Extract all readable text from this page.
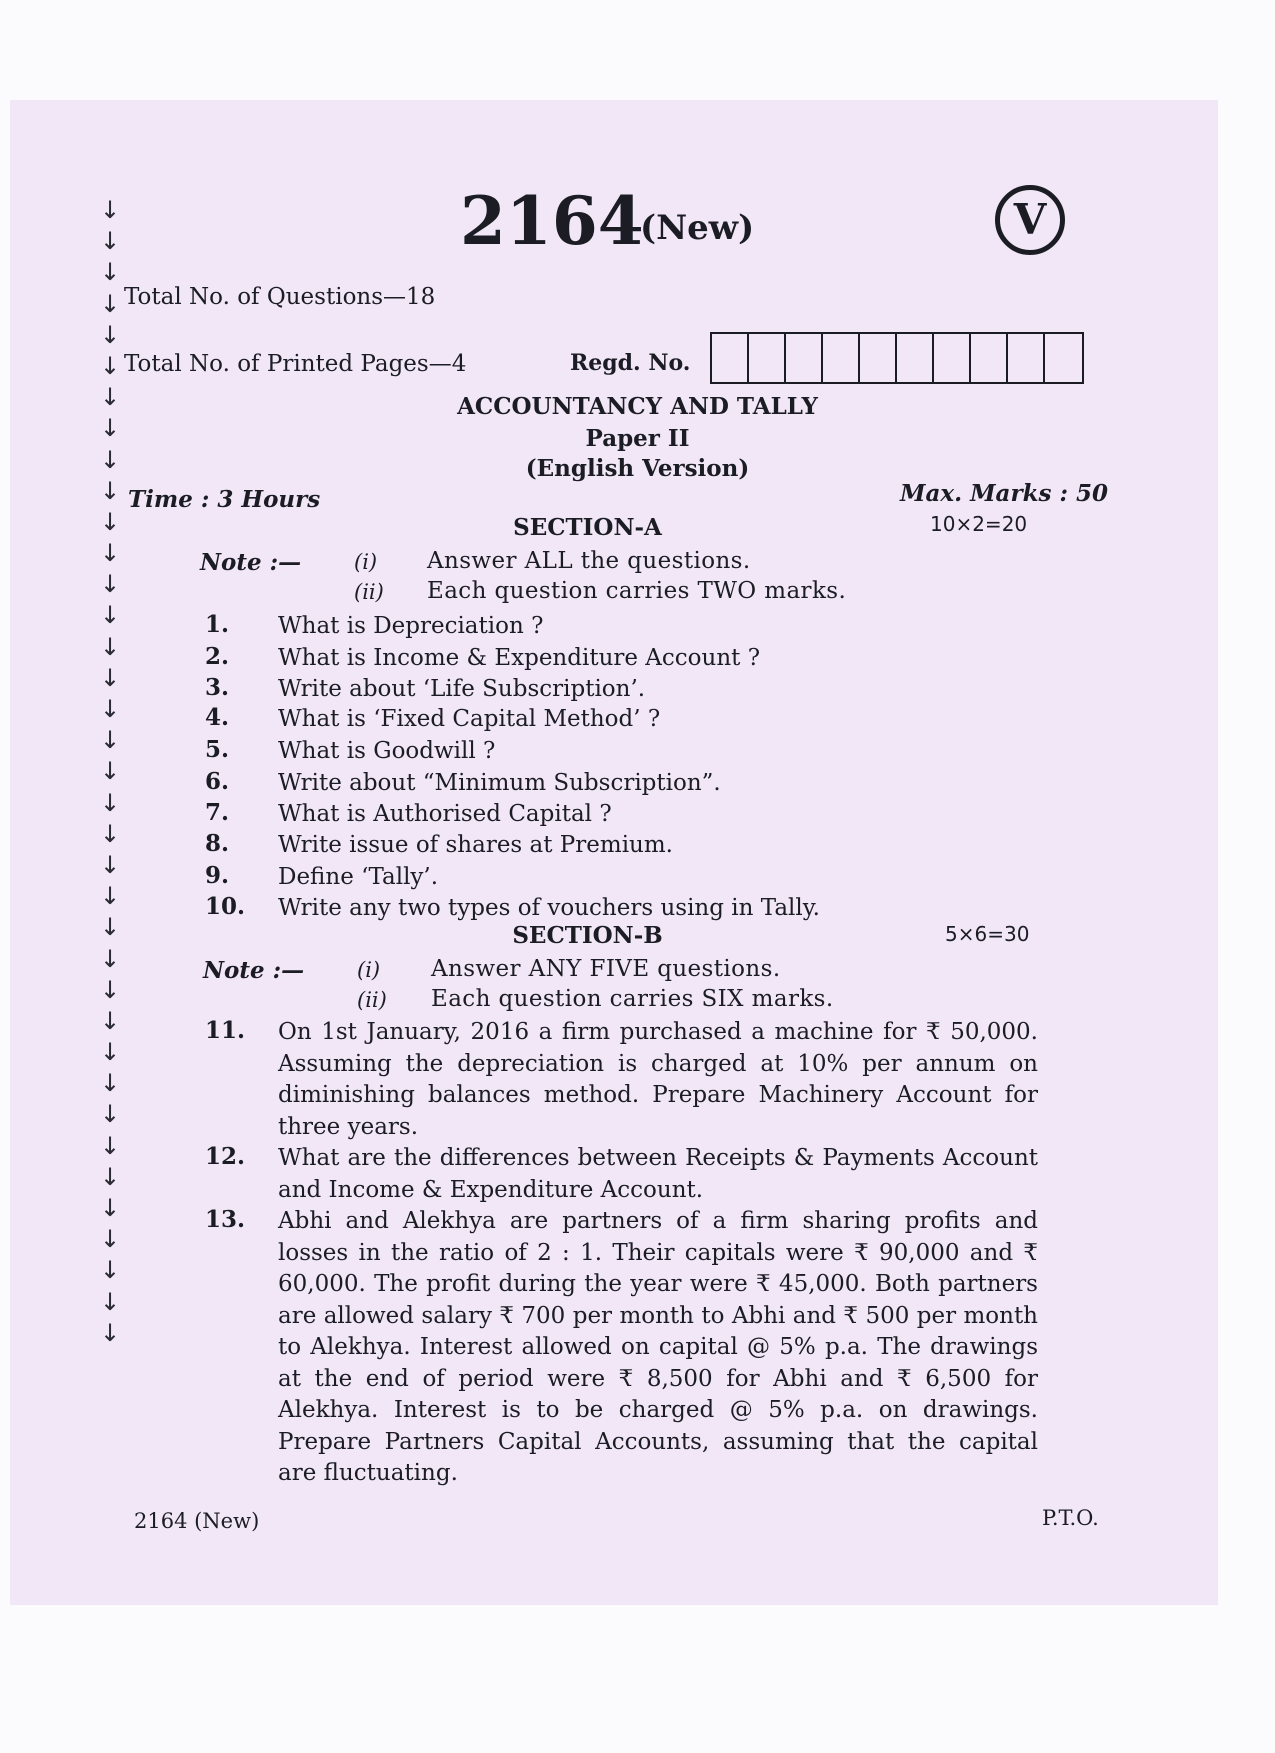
↓
↓
↓
↓
↓
↓
↓
↓
↓
↓
↓
↓
↓
↓
↓
↓
↓
↓
↓
↓
↓
↓
↓
↓
↓
↓
↓
↓
↓
↓
↓
↓
↓
↓
↓
↓
↓
2164
(New)	V
Total No. of Questions—18
Total No. of Printed Pages—4	Regd. No.
ACCOUNTANCY AND TALLY
Paper II
(English Version)
Time : 3 Hours	Max. Marks : 50
SECTION-A	10×2=20
Note :—	(i) Answer ALL the questions.
(ii) Each question carries TWO marks.
1. What is Depreciation ?
2. What is Income & Expenditure Account ?
3. Write about ‘Life Subscription’.
4. What is ‘Fixed Capital Method’ ?
5. What is Goodwill ?
6. Write about “Minimum Subscription”.
7. What is Authorised Capital ?
8. Write issue of shares at Premium.
9. Define ‘Tally’.
10. Write any two types of vouchers using in Tally.
SECTION-B	5×6=30
Note :—	(i) Answer ANY FIVE questions.
(ii) Each question carries SIX marks.
11. On 1st January, 2016 a firm purchased a machine for ₹ 50,000. Assuming the depreciation is charged at 10% per annum on diminishing balances method. Prepare Machinery Account for three years.
12. What are the differences between Receipts & Payments Account and Income & Expenditure Account.
13. Abhi and Alekhya are partners of a firm sharing profits and losses in the ratio of 2 : 1. Their capitals were ₹ 90,000 and ₹ 60,000. The profit during the year were ₹ 45,000. Both partners are allowed salary ₹ 700 per month to Abhi and ₹ 500 per month to Alekhya. Interest allowed on capital @ 5% p.a. The drawings at the end of period were ₹ 8,500 for Abhi and ₹ 6,500 for Alekhya. Interest is to be charged @ 5% p.a. on drawings. Prepare Partners Capital Accounts, assuming that the capital are fluctuating.
2164 (New)	P.T.O.
